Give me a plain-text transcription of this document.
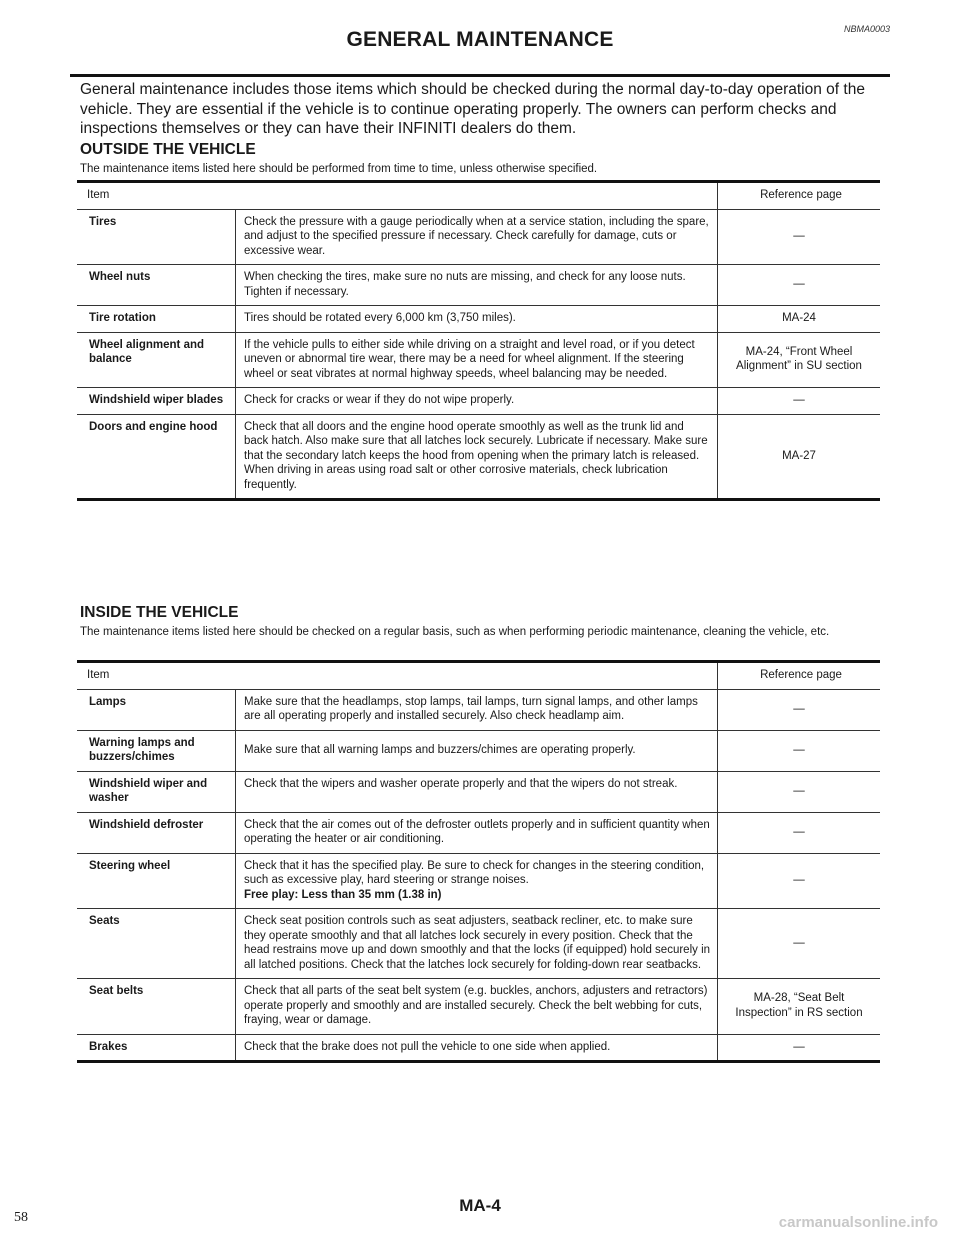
NBMA0003
GENERAL MAINTENANCE
General maintenance includes those items which should be checked during the normal day-to-day operation of the vehicle. They are essential if the vehicle is to continue operating properly. The owners can perform checks and inspections themselves or they can have their INFINITI dealers do them.
OUTSIDE THE VEHICLE
The maintenance items listed here should be performed from time to time, unless otherwise specified.
Item		Reference page
Tires	Check the pressure with a gauge periodically when at a service station, including the spare, and adjust to the specified pressure if necessary. Check carefully for damage, cuts or excessive wear.	—
Wheel nuts	When checking the tires, make sure no nuts are missing, and check for any loose nuts. Tighten if necessary.	—
Tire rotation	Tires should be rotated every 6,000 km (3,750 miles).	MA-24
Wheel alignment and balance	If the vehicle pulls to either side while driving on a straight and level road, or if you detect uneven or abnormal tire wear, there may be a need for wheel alignment. If the steering wheel or seat vibrates at normal highway speeds, wheel balancing may be needed.	MA-24, “Front Wheel Alignment” in SU section
Windshield wiper blades	Check for cracks or wear if they do not wipe properly.	—
Doors and engine hood	Check that all doors and the engine hood operate smoothly as well as the trunk lid and back hatch. Also make sure that all latches lock securely. Lubricate if necessary. Make sure that the secondary latch keeps the hood from opening when the primary latch is released.
When driving in areas using road salt or other corrosive materials, check lubrication frequently.	MA-27
INSIDE THE VEHICLE
The maintenance items listed here should be checked on a regular basis, such as when performing periodic maintenance, cleaning the vehicle, etc.
Item		Reference page
Lamps	Make sure that the headlamps, stop lamps, tail lamps, turn signal lamps, and other lamps are all operating properly and installed securely. Also check headlamp aim.	—
Warning lamps and buzzers/chimes	Make sure that all warning lamps and buzzers/chimes are operating properly.	—
Windshield wiper and washer	Check that the wipers and washer operate properly and that the wipers do not streak.	—
Windshield defroster	Check that the air comes out of the defroster outlets properly and in sufficient quantity when operating the heater or air conditioning.	—
Steering wheel	Check that it has the specified play. Be sure to check for changes in the steering condition, such as excessive play, hard steering or strange noises.
Free play: Less than 35 mm (1.38 in)	—
Seats	Check seat position controls such as seat adjusters, seatback recliner, etc. to make sure they operate smoothly and that all latches lock securely in every position. Check that the head restrains move up and down smoothly and that the locks (if equipped) hold securely in all latched positions. Check that the latches lock securely for folding-down rear seatbacks.	—
Seat belts	Check that all parts of the seat belt system (e.g. buckles, anchors, adjusters and retractors) operate properly and smoothly and are installed securely. Check the belt webbing for cuts, fraying, wear or damage.	MA-28, “Seat Belt Inspection” in RS section
Brakes	Check that the brake does not pull the vehicle to one side when applied.	—
58
MA-4
carmanualsonline.info
